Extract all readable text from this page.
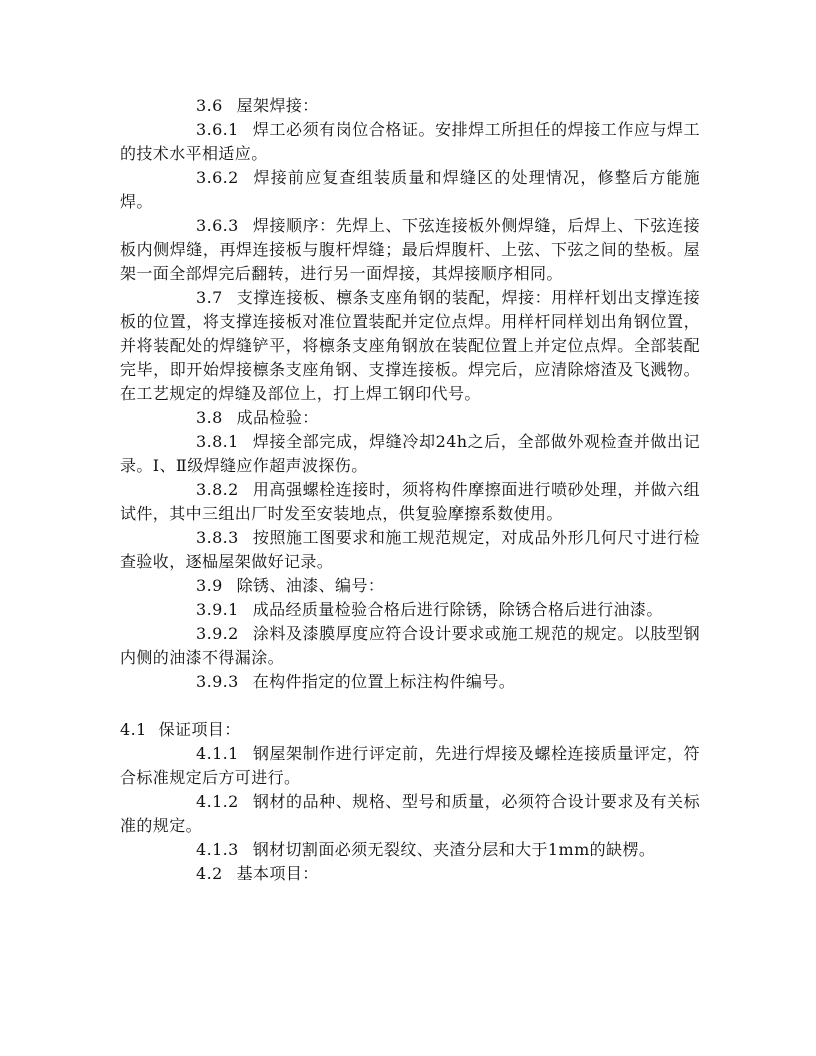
3.6 屋架焊接：

3.6.1 焊工必须有岗位合格证。安排焊工所担任的焊接工作应与焊工的技术水平相适应。

3.6.2 焊接前应复查组装质量和焊缝区的处理情况，修整后方能施焊。

3.6.3 焊接顺序：先焊上、下弦连接板外侧焊缝，后焊上、下弦连接板内侧焊缝，再焊连接板与腹杆焊缝；最后焊腹杆、上弦、下弦之间的垫板。屋架一面全部焊完后翻转，进行另一面焊接，其焊接顺序相同。

3.7 支撑连接板、檩条支座角钢的装配，焊接：用样杆划出支撑连接板的位置，将支撑连接板对准位置装配并定位点焊。用样杆同样划出角钢位置，并将装配处的焊缝铲平，将檩条支座角钢放在装配位置上并定位点焊。全部装配完毕，即开始焊接檩条支座角钢、支撑连接板。焊完后，应清除熔渣及飞溅物。在工艺规定的焊缝及部位上，打上焊工钢印代号。

3.8 成品检验：

3.8.1 焊接全部完成，焊缝冷却24h之后，全部做外观检查并做出记录。Ⅰ、Ⅱ级焊缝应作超声波探伤。

3.8.2 用高强螺栓连接时，须将构件摩擦面进行喷砂处理，并做六组试件，其中三组出厂时发至安装地点，供复验摩擦系数使用。

3.8.3 按照施工图要求和施工规范规定，对成品外形几何尺寸进行检查验收，逐榀屋架做好记录。

3.9 除锈、油漆、编号：

3.9.1 成品经质量检验合格后进行除锈，除锈合格后进行油漆。

3.9.2 涂料及漆膜厚度应符合设计要求或施工规范的规定。以肢型钢内侧的油漆不得漏涂。

3.9.3 在构件指定的位置上标注构件编号。

4.1 保证项目：

4.1.1 钢屋架制作进行评定前，先进行焊接及螺栓连接质量评定，符合标准规定后方可进行。

4.1.2 钢材的品种、规格、型号和质量，必须符合设计要求及有关标准的规定。

4.1.3 钢材切割面必须无裂纹、夹渣分层和大于1mm的缺楞。

4.2 基本项目：
